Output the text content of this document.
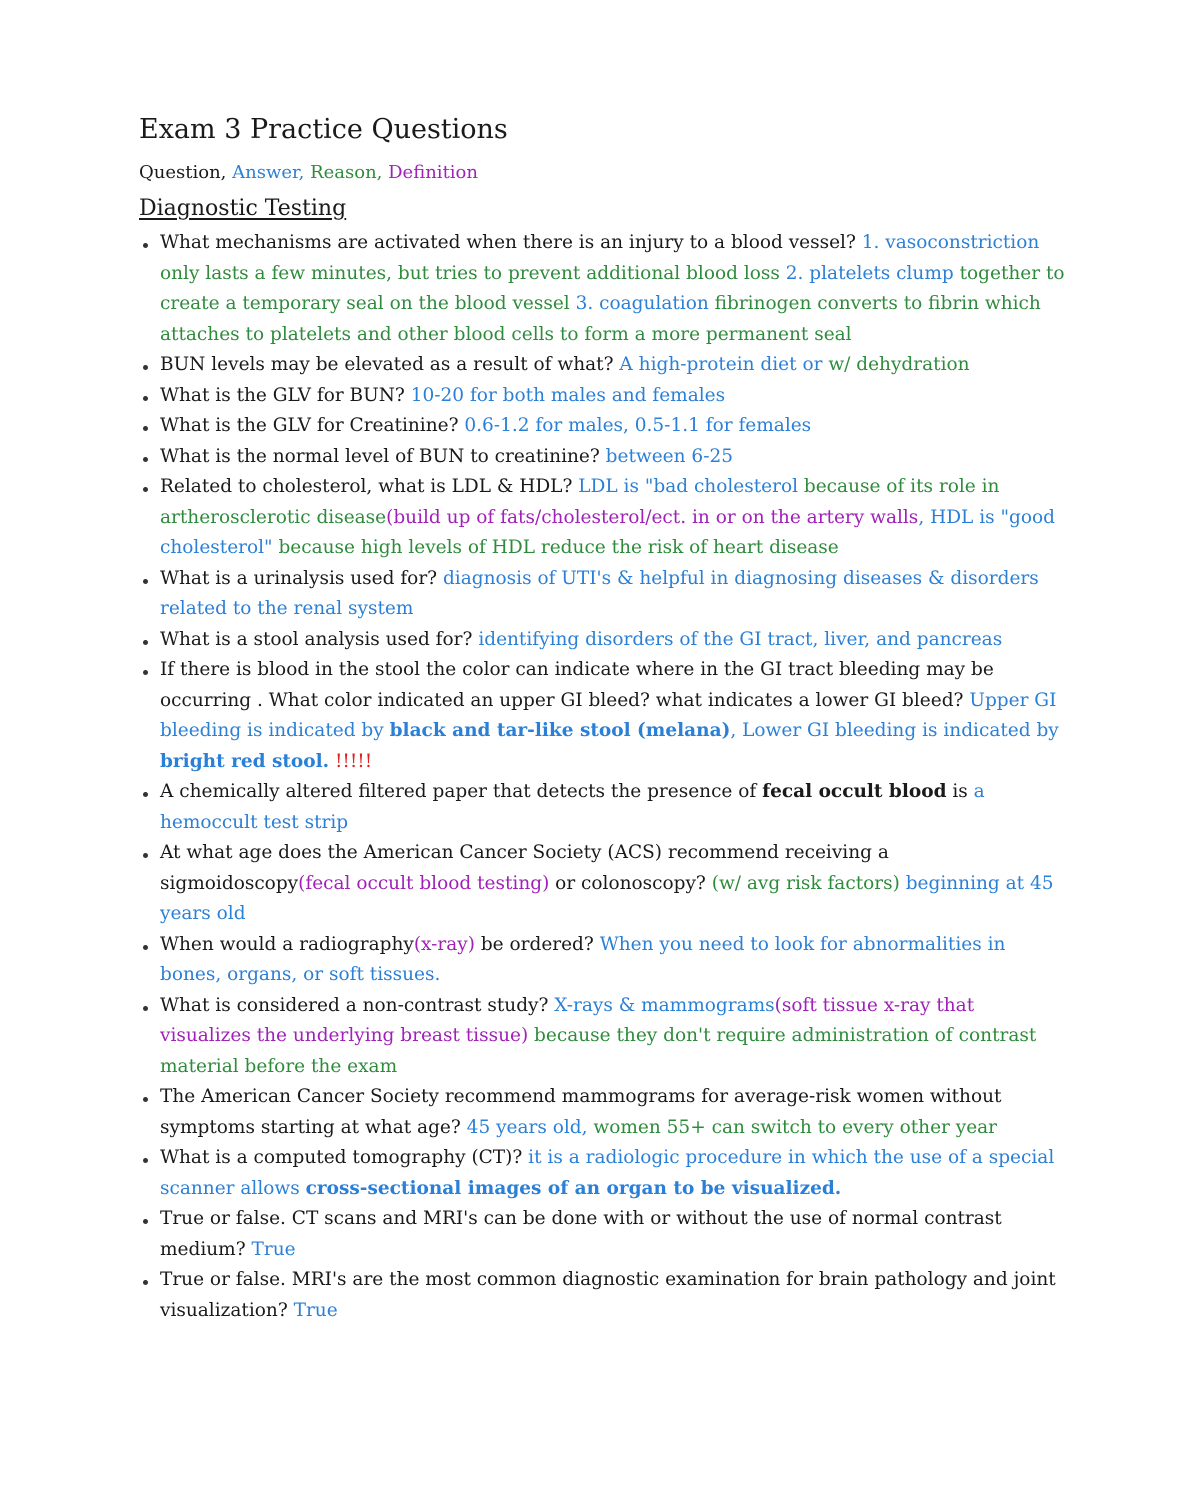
Exam 3 Practice Questions
Question, Answer, Reason, Definition
Diagnostic Testing
What mechanisms are activated when there is an injury to a blood vessel? 1. vasoconstriction only lasts a few minutes, but tries to prevent additional blood loss 2. platelets clump together to create a temporary seal on the blood vessel 3. coagulation fibrinogen converts to fibrin which attaches to platelets and other blood cells to form a more permanent seal
BUN levels may be elevated as a result of what? A high-protein diet or w/ dehydration
What is the GLV for BUN? 10-20 for both males and females
What is the GLV for Creatinine? 0.6-1.2 for males, 0.5-1.1 for females
What is the normal level of BUN to creatinine? between 6-25
Related to cholesterol, what is LDL & HDL? LDL is "bad cholesterol because of its role in artherosclerotic disease(build up of fats/cholesterol/ect. in or on the artery walls, HDL is "good cholesterol" because high levels of HDL reduce the risk of heart disease
What is a urinalysis used for? diagnosis of UTI's & helpful in diagnosing diseases & disorders related to the renal system
What is a stool analysis used for? identifying disorders of the GI tract, liver, and pancreas
If there is blood in the stool the color can indicate where in the GI tract bleeding may be occurring . What color indicated an upper GI bleed? what indicates a lower GI bleed? Upper GI bleeding is indicated by black and tar-like stool (melana), Lower GI bleeding is indicated by bright red stool. !!!!!
A chemically altered filtered paper that detects the presence of fecal occult blood is a hemoccult test strip
At what age does the American Cancer Society (ACS) recommend receiving a sigmoidoscopy(fecal occult blood testing) or colonoscopy? (w/ avg risk factors) beginning at 45 years old
When would a radiography(x-ray) be ordered? When you need to look for abnormalities in bones, organs, or soft tissues.
What is considered a non-contrast study? X-rays & mammograms(soft tissue x-ray that visualizes the underlying breast tissue) because they don't require administration of contrast material before the exam
The American Cancer Society recommend mammograms for average-risk women without symptoms starting at what age? 45 years old, women 55+ can switch to every other year
What is a computed tomography (CT)? it is a radiologic procedure in which the use of a special scanner allows cross-sectional images of an organ to be visualized.
True or false. CT scans and MRI's can be done with or without the use of normal contrast medium? True
True or false. MRI's are the most common diagnostic examination for brain pathology and joint visualization? True
